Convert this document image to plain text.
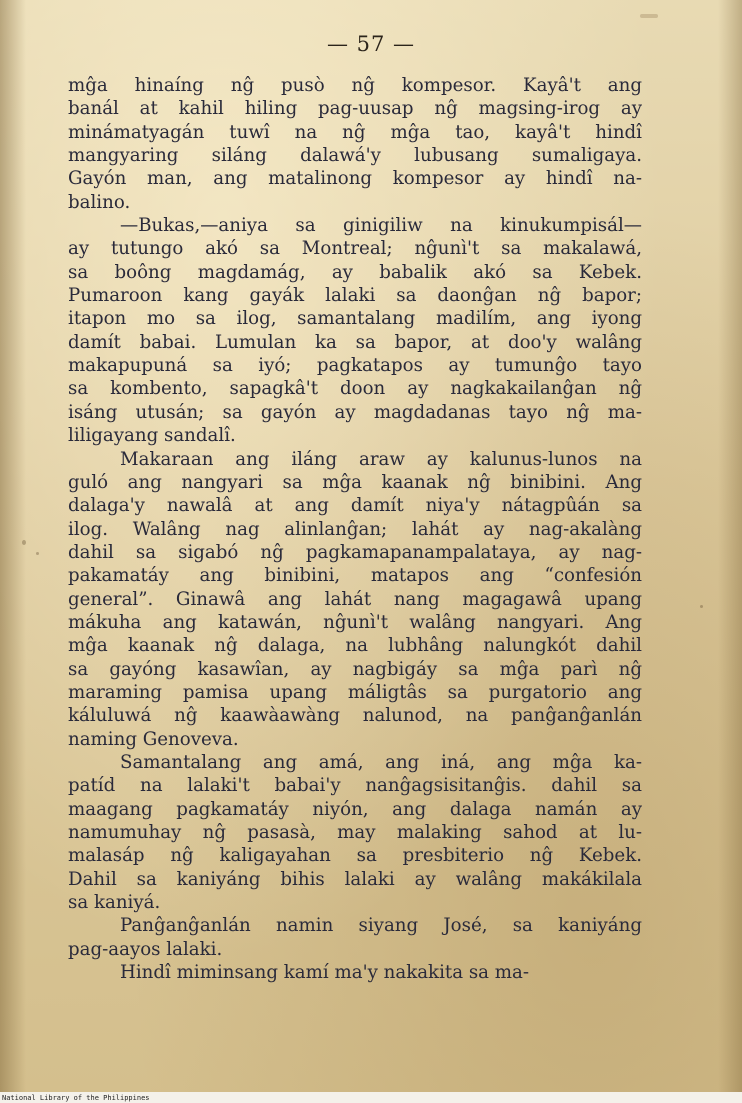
— 57 —
mĝa hinaíng nĝ pusò nĝ kompesor. Kayâ't ang
banál at kahil hiling pag-uusap nĝ magsing-irog ay
minámatyagán tuwî na nĝ mĝa tao, kayâ't hindî
mangyaring siláng dalawá'y lubusang sumaligaya.
Gayón man, ang matalinong kompesor ay hindî na-
balino.
—Bukas,—aniya sa ginigiliw na kinukumpisál—
ay tutungo akó sa Montreal; nĝunì't sa makalawá,
sa boông magdamág, ay babalik akó sa Kebek.
Pumaroon kang gayák lalaki sa daonĝan nĝ bapor;
itapon mo sa ilog, samantalang madilím, ang iyong
damít babai. Lumulan ka sa bapor, at doo'y walâng
makapupuná sa iyó; pagkatapos ay tumunĝo tayo
sa kombento, sapagkâ't doon ay nagkakailanĝan nĝ
isáng utusán; sa gayón ay magdadanas tayo nĝ ma-
liligayang sandalî.
Makaraan ang iláng araw ay kalunus-lunos na
guló ang nangyari sa mĝa kaanak nĝ binibini. Ang
dalaga'y nawalâ at ang damít niya'y nátagpûán sa
ilog. Walâng nag alinlanĝan; lahát ay nag-akalàng
dahil sa sigabó nĝ pagkamapanampalataya, ay nag-
pakamatáy ang binibini, matapos ang “confesión
general”. Ginawâ ang lahát nang magagawâ upang
mákuha ang katawán, nĝunì't walâng nangyari. Ang
mĝa kaanak nĝ dalaga, na lubhâng nalungkót dahil
sa gayóng kasawîan, ay nagbigáy sa mĝa parì nĝ
maraming pamisa upang máligtâs sa purgatorio ang
káluluwá nĝ kaawàawàng nalunod, na panĝanĝanlán
naming Genoveva.
Samantalang ang amá, ang iná, ang mĝa ka-
patíd na lalaki't babai'y nanĝagsisitanĝis. dahil sa
maagang pagkamatáy niyón, ang dalaga namán ay
namumuhay nĝ pasasà, may malaking sahod at lu-
malasáp nĝ kaligayahan sa presbiterio nĝ Kebek.
Dahil sa kaniyáng bihis lalaki ay walâng makákilala
sa kaniyá.
Panĝanĝanlán namin siyang José, sa kaniyáng
pag-aayos lalaki.
Hindî miminsang kamí ma'y nakakita sa ma-
National Library of the Philippines
